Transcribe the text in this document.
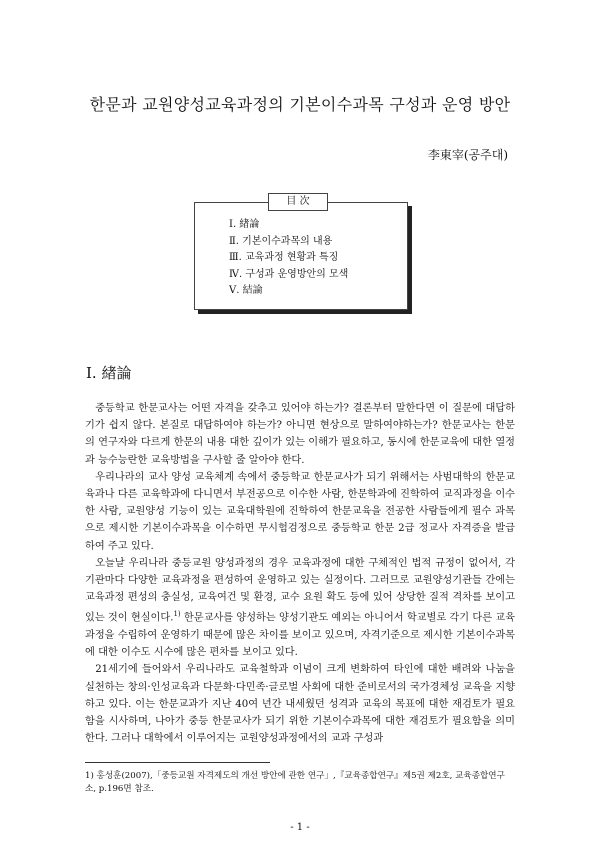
한문과 교원양성교육과정의 기본이수과목 구성과 운영 방안
李東宰(공주대)
目 次
Ⅰ. 緖論
Ⅱ. 기본이수과목의 내용
Ⅲ. 교육과정 현황과 특징
Ⅳ. 구성과 운영방안의 모색
Ⅴ. 結論
Ⅰ. 緖論

중등학교 한문교사는 어떤 자격을 갖추고 있어야 하는가? 결론부터 말한다면 이 질문에 대답하기가 쉽지 않다. 본질로 대답하여야 하는가? 아니면 현상으로 말하여야하는가? 한문교사는 한문의 연구자와 다르게 한문의 내용 대한 깊이가 있는 이해가 필요하고, 동시에 한문교육에 대한 열정과 능수능란한 교육방법을 구사할 줄 알아야 한다.

우리나라의 교사 양성 교육체계 속에서 중등학교 한문교사가 되기 위해서는 사범대학의 한문교육과나 다른 교육학과에 다니면서 부전공으로 이수한 사람, 한문학과에 진학하여 교직과정을 이수한 사람, 교원양성 기능이 있는 교육대학원에 진학하여 한문교육을 전공한 사람들에게 필수 과목으로 제시한 기본이수과목을 이수하면 무시험검정으로 중등학교 한문 2급 정교사 자격증을 발급하여 주고 있다.

오늘날 우리나라 중등교원 양성과정의 경우 교육과정에 대한 구체적인 법적 규정이 없어서, 각 기관마다 다양한 교육과정을 편성하여 운영하고 있는 실정이다. 그러므로 교원양성기관들 간에는 교육과정 편성의 충실성, 교육여건 및 환경, 교수 요원 확도 등에 있어 상당한 질적 격차를 보이고 있는 것이 현실이다.$^{1)}$ 한문교사를 양성하는 양성기관도 예외는 아니어서 학교별로 각기 다른 교육과정을 수립하여 운영하기 때문에 많은 차이를 보이고 있으며, 자격기준으로 제시한 기본이수과목에 대한 이수도 시수에 많은 편차를 보이고 있다.

21세기에 들어와서 우리나라도 교육철학과 이념이 크게 변화하여 타인에 대한 배려와 나눔을 실천하는 창의·인성교육과 다문화·다민족·글로벌 사회에 대한 준비로서의 국가경체성 교육을 지향하고 있다. 이는 한문교과가 지난 40여 년간 내세웠던 성격과 교육의 목표에 대한 재검토가 필요함을 시사하며, 나아가 중등 한문교사가 되기 위한 기본이수과목에 대한 재검토가 필요함을 의미한다. 그러나 대학에서 이루어지는 교원양성과정에서의 교과 구성과

1) 홍성훈(2007),「중등교원 자격제도의 개선 방안에 관한 연구」,『교육종합연구』제5권 제2호, 교육종합연구소, p.196면 참조.
- 1 -
